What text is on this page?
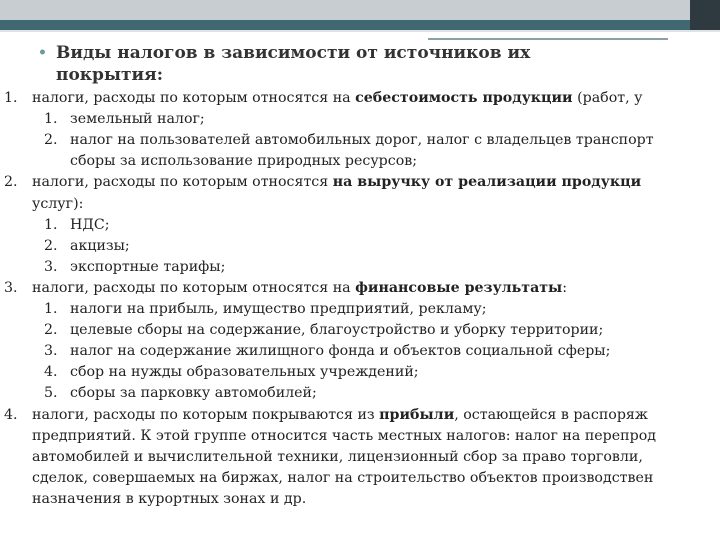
• Виды налогов в зависимости от источников их
покрытия:
1. налоги, расходы по которым относятся на себестоимость продукции (работ, у
1. земельный налог;
2. налог на пользователей автомобильных дорог, налог с владельцев транспорт
сборы за использование природных ресурсов;
2. налоги, расходы по которым относятся на выручку от реализации продукци
услуг):
1. НДС;
2. акцизы;
3. экспортные тарифы;
3. налоги, расходы по которым относятся на финансовые результаты:
1. налоги на прибыль, имущество предприятий, рекламу;
2. целевые сборы на содержание, благоустройство и уборку территории;
3. налог на содержание жилищного фонда и объектов социальной сферы;
4. сбор на нужды образовательных учреждений;
5. сборы за парковку автомобилей;
4. налоги, расходы по которым покрываются из прибыли, остающейся в распоряж
предприятий. К этой группе относится часть местных налогов: налог на перепрод
автомобилей и вычислительной техники, лицензионный сбор за право торговли,
сделок, совершаемых на биржах, налог на строительство объектов производствен
назначения в курортных зонах и др.
